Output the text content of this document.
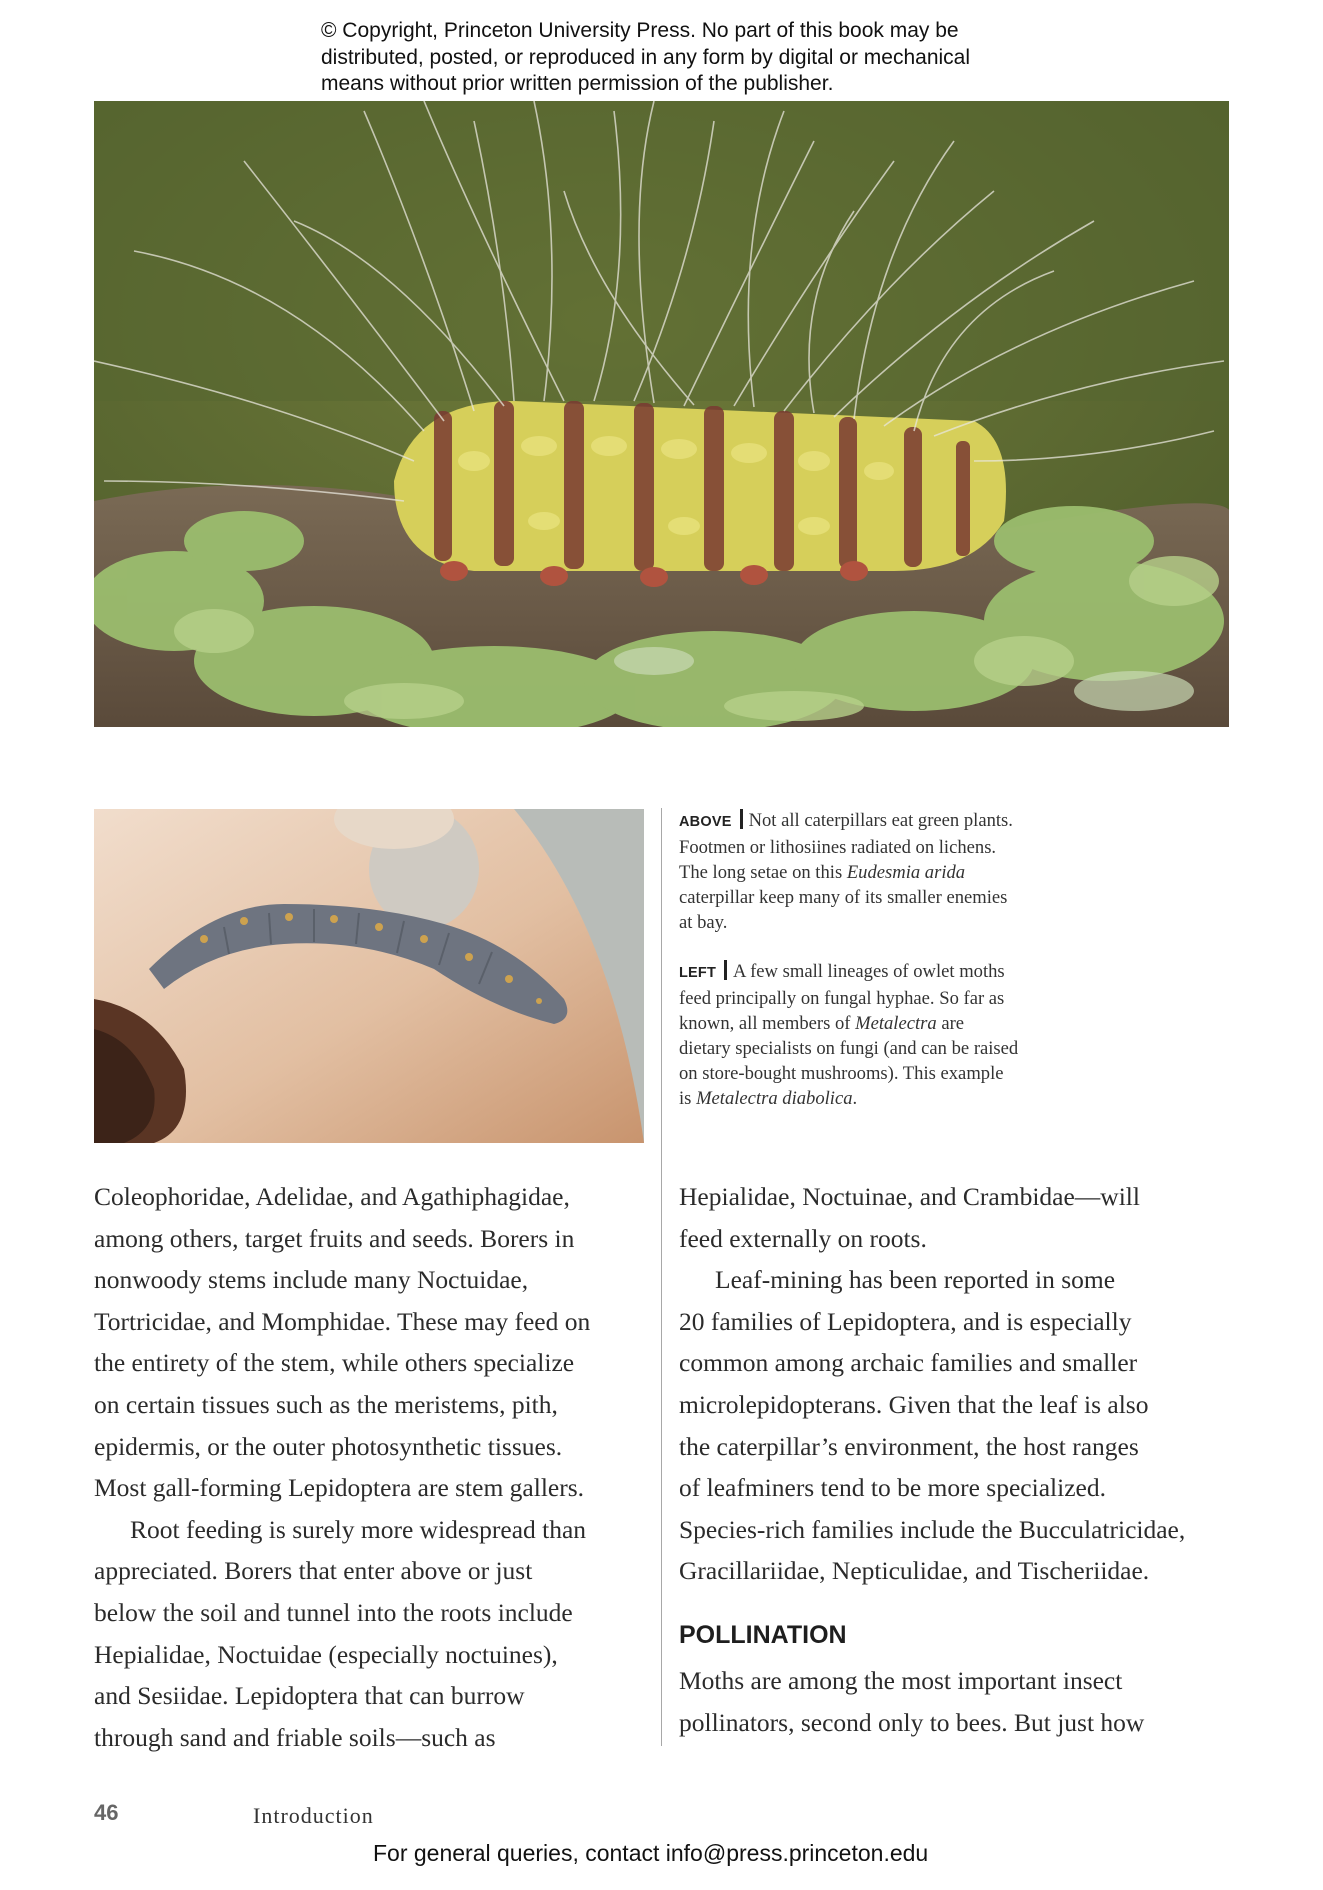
© Copyright, Princeton University Press. No part of this book may be
distributed, posted, or reproduced in any form by digital or mechanical
means without prior written permission of the publisher.

ABOVE Not all caterpillars eat green plants. Footmen or lithosiines radiated on lichens. The long setae on this Eudesmia arida caterpillar keep many of its smaller enemies at bay.

LEFT A few small lineages of owlet moths feed principally on fungal hyphae. So far as known, all members of Metalectra are dietary specialists on fungi (and can be raised on store-bought mushrooms). This example is Metalectra diabolica.

Coleophoridae, Adelidae, and Agathiphagidae,
among others, target fruits and seeds. Borers in
nonwoody stems include many Noctuidae,
Tortricidae, and Momphidae. These may feed on
the entirety of the stem, while others specialize
on certain tissues such as the meristems, pith,
epidermis, or the outer photosynthetic tissues.
Most gall-forming Lepidoptera are stem gallers.

Root feeding is surely more widespread than
appreciated. Borers that enter above or just
below the soil and tunnel into the roots include
Hepialidae, Noctuidae (especially noctuines),
and Sesiidae. Lepidoptera that can burrow
through sand and friable soils—such as

Hepialidae, Noctuinae, and Crambidae—will
feed externally on roots.

Leaf-mining has been reported in some
20 families of Lepidoptera, and is especially
common among archaic families and smaller
microlepidopterans. Given that the leaf is also
the caterpillar’s environment, the host ranges
of leafminers tend to be more specialized.
Species-rich families include the Bucculatricidae,
Gracillariidae, Nepticulidae, and Tischeriidae.

POLLINATION

Moths are among the most important insect
pollinators, second only to bees. But just how

46	Introduction
For general queries, contact info@press.princeton.edu
